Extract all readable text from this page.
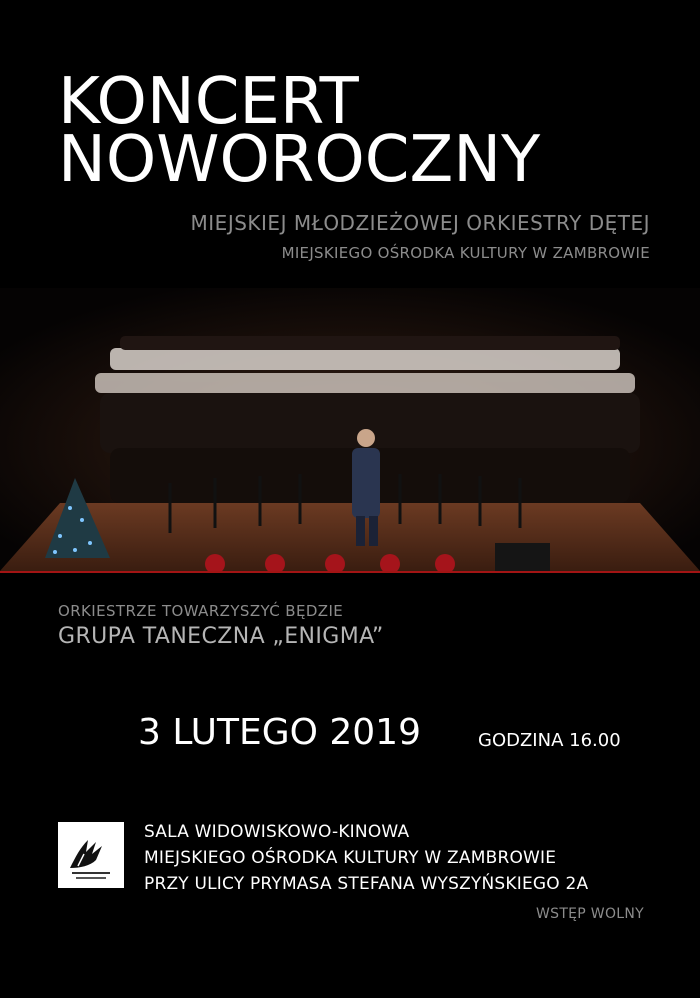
KONCERT
NOWOROCZNY
MIEJSKIEJ MŁODZIEŻOWEJ ORKIESTRY DĘTEJ
MIEJSKIEGO OŚRODKA KULTURY W ZAMBROWIE
ORKIESTRZE TOWARZYSZYĆ BĘDZIE
GRUPA TANECZNA „ENIGMA”
3 LUTEGO 2019	GODZINA 16.00
SALA WIDOWISKOWO-KINOWA
MIEJSKIEGO OŚRODKA KULTURY W ZAMBROWIE
PRZY ULICY PRYMASA STEFANA WYSZYŃSKIEGO 2A
WSTĘP WOLNY
